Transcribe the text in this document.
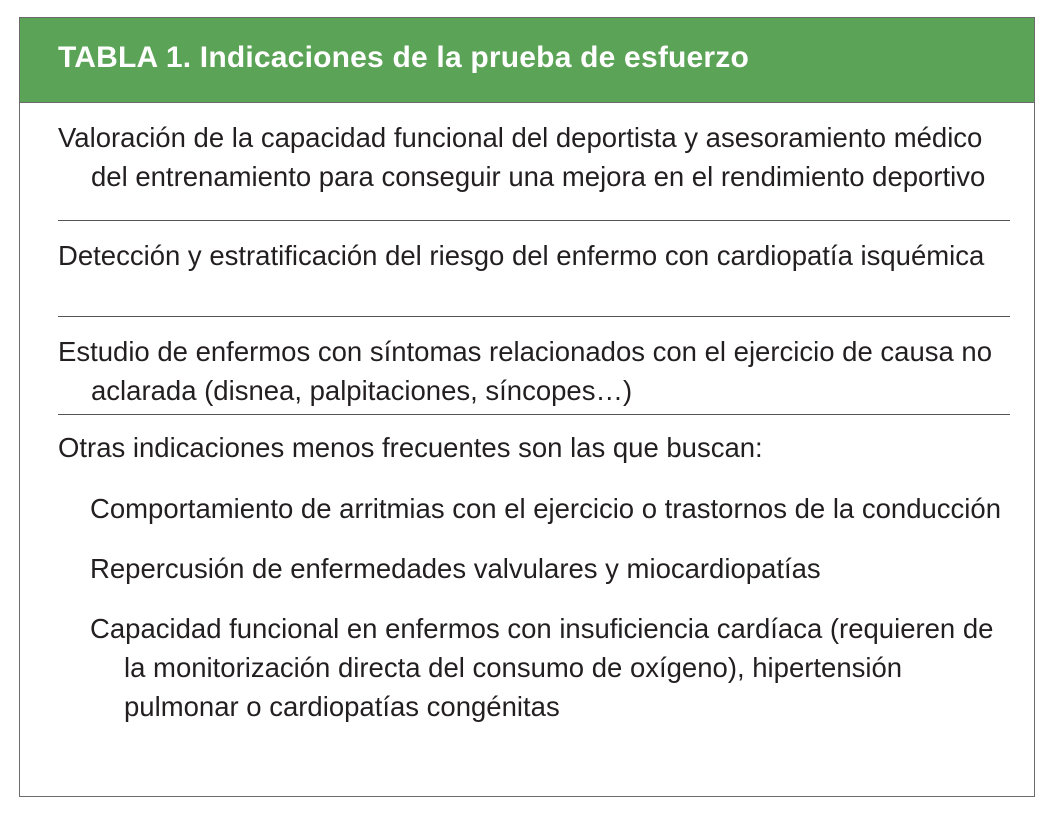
TABLA 1. Indicaciones de la prueba de esfuerzo
Valoración de la capacidad funcional del deportista y asesoramiento médico del entrenamiento para conseguir una mejora en el rendimiento deportivo
Detección y estratificación del riesgo del enfermo con cardiopatía isquémica
Estudio de enfermos con síntomas relacionados con el ejercicio de causa no aclarada (disnea, palpitaciones, síncopes…)
Otras indicaciones menos frecuentes son las que buscan:
Comportamiento de arritmias con el ejercicio o trastornos de la conducción
Repercusión de enfermedades valvulares y miocardiopatías
Capacidad funcional en enfermos con insuficiencia cardíaca (requieren de la monitorización directa del consumo de oxígeno), hipertensión pulmonar o cardiopatías congénitas
